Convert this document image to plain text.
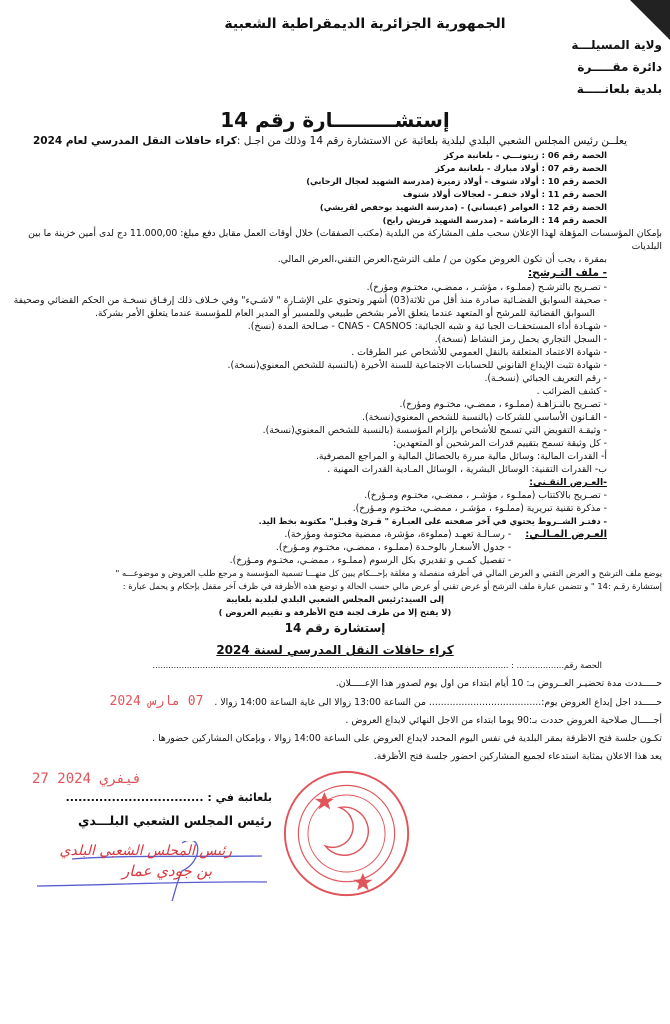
الجمهورية الجزائرية الديمقراطية الشعبية
ولاية المسيلـــة
دائرة مقـــــرة
بلدية بلعانـــــة
إستشـــــــــارة رقم 14
يعلــن رئيس المجلس الشعبي البلدي لبلدية بلعائبة عن الاستشارة رقم 14 وذلك من اجـل :كراء حافلات النقل المدرسي لعام 2024
الحصة رقم 06 : زيتونـــي - بلعانبة مركز
الحصة رقم 07 : أولاد مبارك - بلعانبة مركز
الحصة رقم 10 : أولاد شنوف - أولاد زميرة (مدرسة الشهيد لعجال الرحابي)
الحصة رقم 11 : أولاد خنفـر - لعجالات أولاد شنوف
الحصة رقم 12 : العوامر (عيساني) - (مدرسة الشهيد بوحفص لقريشي)
الحصة رقم 14 : الرماشة - (مدرسة الشهيد قريش رابح)
بإمكان المؤسسات المؤهلة لهذا الإعلان سحب ملف المشاركة من البلدية (مكتب الصفقات) خلال أوقات العمل مقابل دفع مبلغ: 11.000,00 دج لدى أمين خزينة ما بين البلديات
بمقرة ، يجب أن تكون العروض مكون من / ملف الترشح،العرض التقني،العرض المالي.
- ملف التـرشح:
- تصـريح بالترشـح (مملـوء ، مؤشـر ، ممضـي، مختـوم ومؤرخ).
- صحيفة السوابق القضـائية صادرة منذ أقل من ثلاثة(03) أشهر وتحتوي على الإشـارة " لاشـيء" وفي خـلاف ذلك إرفـاق نسخـة من الحكم القضائي وصحيفة
السوابق القضائية للمرشح أو المتعهد عندما يتعلق الأمر بشخص طبيعي وللمسير أو المدير العام للمؤسسة عندما يتعلق الأمر بشركة.
- شهـادة أداء المستحقـات الجبا ئية و شبه الجبائية: CNAS - CASNOS - صـالحة المدة (نسخ).
- السجل التجاري يحمل رمز النشاط (نسخة).
- شهادة الاعتماد المتعلقة بالنقل العمومي للأشخاص عبر الطرقات .
- شهادة تثبت الإيداع القانوني للحسابات الاجتماعية للسنة الأخيرة (بالنسبة للشخص المعنوي(نسخة).
- رقم التعريف الجبائي (نسخـة).
- كشف الضرائب .
- تصـريح بالنـزاهـة (مملـوء ، ممضـي، مختـوم ومؤرخ).
- القـانون الأساسي للشركات (بالنسبة للشخص المعنوي(نسخة).
- وثيقـة التفويض التي تسمح للأشخاص بإلزام المؤسسة (بالنسبة للشخص المعنوي(نسخة).
- كل وثيقة تسمح بتقييم قدرات المرشحين أو المتعهدين:
أ- القدرات المالية: وسائل مالية مبررة بالحصائل المالية و المراجع المصرفية.
ب- القدرات التقنية: الوسائل البشرية ، الوسائل المـادية القدرات المهنية .
-العـرض التقـني:
- تصـريح بالاكتتاب (مملـوء ، مؤشـر ، ممضـي، مختـوم ومـؤرخ).
- مذكرة تقنية تبريرية (مملـوء ، مؤشـر ، ممضـي، مختـوم ومـؤرخ).
- دفتـر الشــروط يحتوي في آخر صفحته على العبـارة " قـرئ وقبـل" مكتوبة بخط اليد.
العـرض المـالـي:
- رسـالـة تعهـد (مملوءة، مؤشرة، ممضية مختومة ومؤرخة).
- جدول الأسعـار بالوحـدة (مملـوء ، ممضـي، مختـوم ومـؤرخ).
- تفصيل كمـي و تقديري بكل الرسوم (مملـوء ، ممضـي، مختـوم ومـؤرخ).
يوضع ملف الترشح و العرض التقني و العرض المالي في أظرفه منفصلة و مغلقة بإحـــكام يبين كل منهـــا تسمية المؤسسة و مرجع طلب العروض و موضوعـــه "
إستشارة رقـم :14 " و تتضمن عبارة ملف الترشح أو عرض تقني أو عرض مالي حسب الحالة و توضع هذه الأظرفة في ظرف آخر مقفل بإحكام و يحمل عبارة :
إلى السيد:رئيس المجلس الشعبي البلدي لبلدية بلعايبة
(لا يفتح إلا من طرف لجنة فتح الأظرفة و تقييم العروض )
إستشارة رقم 14
كراء حافلات النقل المدرسي لسنة 2024
الحصة رقم.................. : .......................................................................................................................................
حـــــددت مدة تحضيـر العــروض بـ: 10 أيام ابتداء من اول يوم لصدور هذا الإعـــــلان.
حـــــدد اجل إيداع العروض يوم:...................................... من الساعة 13:00 زوالا الى غاية الساعة 14:00 زوالا . 07 مارس 2024
أجـــــال صلاحية العروض حددت بـ:90 يوما ابتداء من الاجل النهائي لايداع العروض .
تكـون جلسة فتح الاظرفة بمقر البلدية في نفس اليوم المحدد لايداع العروض على الساعة 14:00 زوالا ، وبإمكان المشاركين حضورها .
يعد هذا الاعلان بمثابة استدعاء لجميع المشاركين احضور جلسة فتح الأظرفة.
27 فيفري 2024
بلعائبة في : .................................
رئيس المجلس الشعبي البلـــدي
رئيس المجلس الشعبي البلدي
بن جودي عمار
